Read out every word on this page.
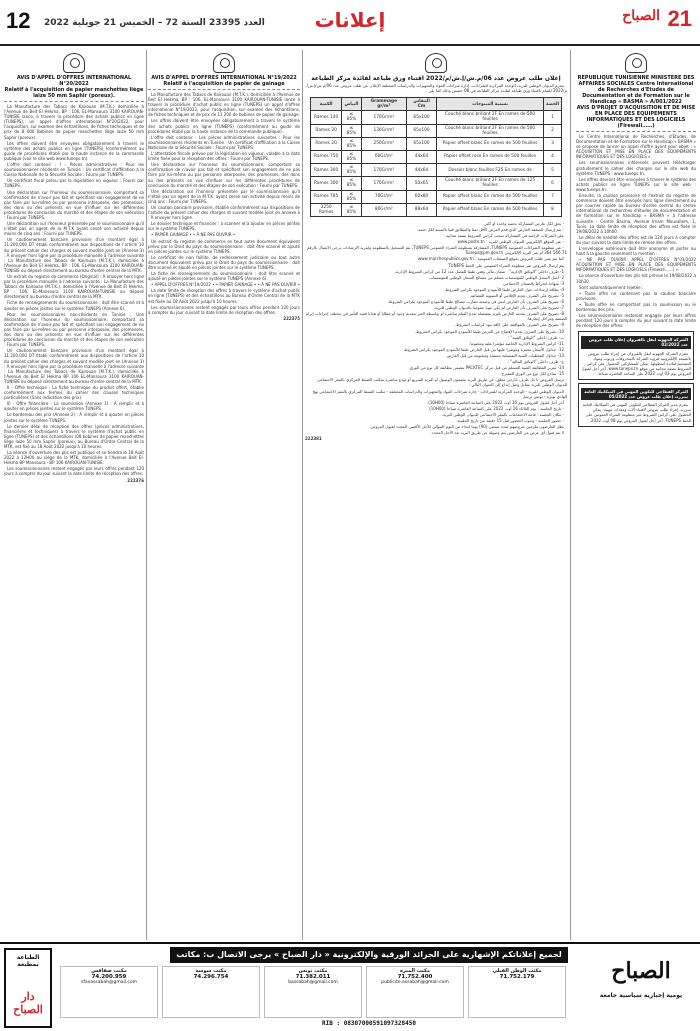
12 العدد 23395 السنة 72 – الخميس 21 جويلية 2022	إعلانات	الصباح 21
AVIS D'APPEL D'OFFRES INTERNATIONAL N°20/2022
Relatif à l'acquisition de papier manchettes liège laize 50 mm Saphir (poreux).

La Manufacture des Tabacs de Kairouan (M.T.K.) domiciliée à l'Avenue de Beit El Hekma, BP : 106, EL-Mansoura 3100 KAIROUAN-TUNISIE lance, à travers la procédure des achats publics en ligne (TUNEPS), un appel d'offres international N°20/2022, pour l'acquisition, sur examen des échantillons, de fiches techniques et de prix de 8 000 Bobines de papier manchettes liège laize 50 mm Saphir (poreux).

Les offres doivent être envoyées obligatoirement à travers le système des achats publics en ligne (TUNEPS) (conformément au guide de procédures établi par la haute instance de la commande publique (voir le site web www.tuneps.tn).

L'offre doit contenir : I - Pièces administratives : Pour les soumissionnaires résidents en Tunisie : Un certificat d'affiliation à la Caisse Nationale de la Sécurité Sociale : Fourni par TUNEPS.

Un certificat fiscal prévu par la législation en vigueur : Fourni par TUNEPS.

Une déclaration sur l'honneur du soumissionnaire, comportant sa confirmation de n'avoir pas fait et spécifiant son engagement de ne pas faire par lui-même ou par personne interposée, des promesses, des dons ou des présents en vue d'influer sur les différentes procédures de conclusion du marché et des étapes de son exécution : Fourni par TUNEPS.

Une déclaration sur l'honneur présentée par le soumissionnaire qu'il n'était pas un agent de la M.T.K ayant cessé son activité depuis moins de cinq ans : Fourni par TUNEPS.

Un cautionnement bancaire provisoire d'un montant égal à 11.200,000 DT établi conformément aux dispositions de l'article 10 du présent cahier des charges et suivant modèle joint en (Annexe 3) : À envoyer hors ligne par la procédure manuelle à l'adresse suivante : La Manufacture des Tabacs de Kairouan (M.T.K.), domiciliée à l'Avenue de Beit El Hekma, BP : 106, EL-Mansoura 3100 KAIROUAN-TUNISIE ou déposé directement au bureau d'ordre central de la MTK.

Un extrait du registre de commerce (Original) : À envoyer hors ligne par la procédure manuelle à l'adresse suivante : La Manufacture des Tabacs de Kairouan (M.T.K.), domiciliée à l'Avenue de Beit El Hekma, BP : 106, EL-Mansoura 3100 KAIROUAN-TUNISIE ou déposé directement au bureau d'ordre central de la MTK.

Fiche de renseignements du soumissionnaire : doit être scanné et à ajouter en pièces jointes sur le système TUNEPS (Annexe 6).

Pour les soumissionnaires non-résidents en Tunisie : Une déclaration sur l'honneur du soumissionnaire, comportant sa confirmation de n'avoir pas fait et spécifiant son engagement de ne pas faire par lui-même ou par personne interposée, des promesses, des dons ou des présents en vue d'influer sur les différentes procédures de conclusion du marché et des étapes de son exécution : Fourni par TUNEPS.

Un cautionnement bancaire provisoire d'un montant égal à 11.200,000 DT établi conformément aux dispositions de l'article 10 du présent cahier des charges et suivant modèle joint en (Annexe 3) : À envoyer hors ligne par la procédure manuelle à l'adresse suivante : La Manufacture des Tabacs de Kairouan (M.T.K.), domiciliée à l'Avenue de Beit El Hekma BP 106 EL-Mansoura 3100 KAIROUAN-TUNISIE ou déposé directement au bureau d'ordre central de la MTK.

II - Offre technique : La fiche technique du produit offert, établie conformément aux termes du cahier des clauses techniques particulières (Sans indication des prix).

III - Offre financière : La soumission (Annexe 1) : À remplir et à ajouter en pièces jointes sur le système TUNEPS.

Le bordereau des prix (Annexe 2) : À remplir et à ajouter en pièces jointes sur le système TUNEPS.

Le dernier délai de réception des offres (pièces administratives, financières et techniques) à travers le système d'achat public en ligne (TUNEPS) et des échantillons (08 bobines de papier manchettes liège laize 50 mm Saphir (poreux), au Bureau d'Ordre Central de la MTK, est fixé au 18 Août 2022 jusqu'à 10 heures.

La séance d'ouverture des plis est publique et se tiendra le 18 Août 2022 à 12H00 au siège de la MTK, domiciliée à l'Avenue Beit El-Hekma BP Mansoura - BP 106 KAIROUAN-TUNISIE.

Les soumissionnaires restent engagés par leurs offres pendant 120 jours à compter du jour suivant la date limite de réception des offres.

222376
AVIS D'APPEL D'OFFRES INTERNATIONAL N°19/2022
Relatif à l'acquisition de papier de gainage

La Manufacture des Tabacs de Kairouan (M.T.K.), domiciliée à l'Avenue de Beit El Hekma, BP : 106, EL-Mansoura 3100 KAIROUAN-TUNISIE lance à travers la procédure d'achat public en ligne (TUNEPS) un appel d'offres international N°19/2022, pour l'acquisition, sur examen des échantillons, de fiches techniques et de prix de 11 200 de bobines de papier de gainage.

Les offres doivent être envoyées obligatoirement à travers le système des achats publics en ligne (TUNEPS) (conformément au guide de procédures établi par la haute instance de la commande publique).

L'offre doit contenir : Les pièces administratives suivantes : Pour les soumissionnaires résidents en Tunisie : Un certificat d'affiliation à la Caisse Nationale de la Sécurité Sociale : Fourni par TUNEPS.

L'attestation fiscale prévue par la législation en vigueur, valable à la date limite fixée pour la réception des offres : Fourni par TUNEPS.

Une déclaration sur l'honneur du soumissionnaire, comportant sa confirmation de n'avoir pas fait et spécifiant son engagement de ne pas faire par lui-même ou par personne interposée, des promesses, des dons ou des présents en vue d'influer sur les différentes procédures de conclusion du marché et des étapes de son exécution : Fourni par TUNEPS.

Une déclaration sur l'honneur présentée par le soumissionnaire qu'il n'était pas un agent de la M.T.K. ayant cessé son activité depuis moins de cinq ans : Fourni par TUNEPS.

Un caution bancaire provisoire, établie conformément aux dispositions de l'article du présent cahier des charges et suivant modèle joint en annexe à : À envoyer hors ligne.

Le dossier technique et financier : à scanner et à ajouter en pièces jointes sur le système TUNEPS.

• PAPIER GAINAGE • • À NE PAS OUVRIR •

Un extrait du registre de commerce en tout autre document équivalent prévu par le Droit du pays du soumissionnaire : doit être scanné et ajouté en pièces jointes sur le système TUNEPS.

Le certificat de non faillite, de redressement judiciaire ou tout autre document équivalent prévu par le Droit du pays du soumissionnaire : doit être scanné et ajouté en pièces jointes sur le système TUNEPS.

La fiche de renseignements du soumissionnaire : doit être scanné et ajouté en pièces jointes sur le système TUNEPS (Annexe 6).

• APPEL D'OFFRES N°19/2022 • • PAPIER GAINAGE • • À NE PAS OUVRIR •

La date limite de réception des offres à travers le système d'achat public en ligne (TUNEPS) et des échantillons au Bureau d'Ordre Central de la MTK est fixée au 18 Août 2022 jusqu'à 10 heures.

Les soumissionnaires restent engagés par leurs offres pendant 120 jours à compter du jour suivant la date limite de réception des offres.

222375
إعلان طلب عروض عدد 06/م.ش/إ.ش/م/2022 اقتناء ورق طباعة لفائدة مركز الطباعة

يعتزم الديوان الوطني للبريد، الوحدة المركزية للشراءات، إدارة شراءات المواد والتجهيزات والدراسات المختلفة الإعلان عن طلب عروض عدد 06/م.ش/إ.ش/م/2022 للقيام باقتناء ورق طباعة لفائدة مركز الطباعة في 08 حصص وذلك كما يلي :

الحصة	تسمية المنتوجات	المقاس Cm	Grammage gr/m²	البياض	الكمية
1	Couché blanc brillant 2F En rames de 500 feuilles	65x100	170Gr/m²	≥ 85%	140 Rames
2	Couché blanc brillant 2F En rames de 500 feuilles	65x100	130Gr/m²	≥ 85%	20 Rames
3	Papier offset blanc En rames de 500 feuilles	65x100	250Gr/m²	≥ 85%	20 Rames
4	Papier offset rose En rames de 500 feuilles	44x64	60Gr/m²	≥ 85%	750 Rames
5	Dossier blanc feuilles F25 En rames de	44x64	170Gr/m²	≥ 85%	300 Rames
6	Couché blanc brillant 2F En rames de 125 feuilles	50x65	170Gr/m²	≥ 85%	300 Rames
7	Papier offset blanc En rames de 500 feuilles	60x80	70Gr/m²	≥ 85%	785 Rames
8	Papier offset blanc En rames de 500 feuilles	88x64	80Gr/m²	≥ 85%	3250 Rames

- يحق لكل عارض المشاركة بحصة واحدة أو أكثر.

- يتم إرسال الصفقة العارض الذي قدم العرض الأقل ثمنا والمطابق فنيا بالنسبة لكل حصة.

على الشركات الراغبة في المشاركة سحب كراس الشروط بصفة مجانية :

- عبر الموقع الإلكتروني للديوان الوطني للبريد : www.poste.tn

- عبر منظومة الشراءات العمومية TUNEPS، المشاركة بمنظومة الشراء العمومي TUNEPS، يتم التسجيل بالمنظومة ولمزيد الإرشادات يرجى الاتصال بالرقم 71 566 364 أو عبر البريد الإلكتروني Tuneps@pm.gov.tn

كما يتم نشر طلب العروض بموقع الصفقات العمومية : www.marchespublics.gov.tn

يتم إرسال العروض عبر منظومة الشراء العمومي على الخط TUNEPS

1- طرف داخلي "الوثائق الإدارية" : ضمان مالي وقتي طبقا للفصل عدد 12 من كراس الشروط الإدارية.

2- أصل السجل الوطني للمؤسسات مسلم من مصالح السجل الوطني للمؤسسات.

3- شهادة انخراط بالضمان الاجتماعي.

4- بطاقة إرشادات حول العارض طبقا للأنموذج الموجود بكراس الشروط.

5- تصريح على الشرف بعدم الإفلاس أو التسوية القضائية.

6- تصريح على الشرف بأن العارض ليس في وضعية تضارب مصالح طبقا للأنموذج الموجود بكراس الشروط.

7- تصريح على الشرف بأن العارض لم يكن عونا عموميا بالديوان الوطني للبريد.

8- تصريح على الشرف يقدمه العارض يلتزم بمقتضاه بعدم القيام مباشرة أو بواسطة الغير بتقديم وعود أو عطايا أو هدايا قصد التأثير في مختلف إجراءات إبرام الصفقة ومراحل إنجازها.

9- تصريح على الشرف بالموافقة على كافة بنود كراسات الشروط.

10- تصريح على الشرف بعدم الإفصاح عن العرض طبقا للأنموذج الموجود بكراس الشروط.

ب- ظرف داخلي "الوثائق الفنية" :

11- كراس الشروط الإدارية الخاصة مؤشرا عليه ومختوما.

12- جداول الأسعار معمرة ومؤشرا عليها من قبل العارض طبقا للأنموذج الموجود بكراس الشروط.

13- جداول المعطيات الفنية التفصيلية ممضاة ومختومة من قبل العارض.

ج- ظرف داخلي "الوثائق المالية" :

14- تقرير المطابقة الفنية المسلم من قبل مركز PACKTEC يتضمن مطابقة كل نوع من الورق.

15- نماذج لكل نوع من الورق المقترح.

ترسل العروض داخل ظرف خارجي مغلق، عن طريق البريد مضمون الوصول أو البريد السريع أو تودع مباشرة بمكتب الضبط المركزي بالمقر الاجتماعي للديوان الوطني للبريد مقابل وصل إيداع إلى العنوان التالي :

الديوان الوطني للبريد - الوحدة المركزية للشراءات - إدارة شراءات المواد والتجهيزات والدراسات المختلفة - مكتب الضبط المركزي بالمقر الاجتماعي نهج الهادي نويرة - تونس ترسل

آخر أجل لقبول العروض يوم 16 أوت 2022 على الساعة العاشرة صباحا (10H00).

- تاريخ الجلسة : يوم الثلاثاء 16 أوت 2022 على الساعة العاشرة صباحا (10H00).

- مكان الجلسة : قاعة الاجتماعات بالمقر الاجتماعي للديوان الوطني للبريد.

- حضور الجلسة : وجوب الحضور قبل 15 دقيقة من تاريخ الجلسة.

يظل العارضون ملزمين بعروضهم لمدة تسعين (90) يوما ابتداء من اليوم الموالي للأجل الأقصى المحدد لقبول العروض.

لا يتم قبول أي عرض من العارضين يتم وصوله عن طريق البريد بعد الأجل المحدد.

222381
REPUBLIQUE TUNISIENNE MINISTERE DES AFFAIRES SOCIALES Centre International de Recherches d'Etudes de Documentation et de Formation sur le Handicap « BASMA » A/001/2022
AVIS D'PROJET D'ACQUISITION ET DE MISE EN PLACE DES EQUIPEMENTS INFORMATIQUES ET DES LOGICIELS (Firewall……)

Le Centre International de Recherches, d'Etudes, de Documentation et de Formation sur le Handicap « BASMA » se propose de lancer un appel d'offre ayant pour objet : « ACQUISITION ET MISE EN PLACE DES EQUIPEMENTS INFORMATIQUES ET DES LOGICIELS ».

Les soumissionnaires intéressés peuvent télécharger gratuitement le cahier des charges sur le site web du système TUNEPS : www.tuneps.tn.

Les offres devront être envoyées à travers le système des achats publics en ligne TUNEPS sur le site web : www.tuneps.tn.

Ensuite, la caution provisoire et l'extrait du registre de commerce doivent être envoyés hors ligne directement ou par courrier rapide au bureau d'ordre central du centre international de recherches d'études de documentation et de formation sur le handicap « BASMA » à l'adresse suivante : Centre Basma, Avenue Imam Mousallem, 1, Tunis. La date limite de réception des offres est fixée le 19/08/2022 à 10h00.

Le délai de validité des offres est de 120 jours à compter du jour suivant la date limite de remise des offres.

L'enveloppe extérieure doit être anonyme et porter au haut à la gauche seulement la mention :

« NE PAS OUVRIR APPEL D'OFFRES N°03/2022 ACQUISITION ET MISE EN PLACE DES EQUIPEMENTS INFORMATIQUES ET DES LOGICIELS (Firewall……) ».

La séance d'ouverture des plis est prévue le 19/08/2022 à 10h30.

Sont automatiquement rejetée :

• Toute offre ne contenant pas la caution bancaire provisoire.

• Toute offre ne comportant pas la soumission ou le bordereau des prix.

Les soumissionnaires resteront engagés par leurs offres pendant 120 jours à compter du jour suivant la date limite de réception des offres.

الشركة الجهوية لنقل بالقيروان إعلان طلب عروض عدد 02/2022

تعتزم الشركة الجهوية لنقل بالقيروان عن إجراء طلب عروض بالصيغة الإلكترونية لتزويد الشركة بالمحروقات وزيوت ومواد التشحيم لفائدة أسطولها. يمكن للمشاركين الحصول على كراس الشروط بصفة مجانية من موقع www.tuneps.tn. آخر أجل لقبول العروض يوم 03 أوت 2022 على الساعة العاشرة صباحا.

المركز القطاعي للتكوين المهني في الميكانيك العامة ببنزرت إعلان طلب عروض عدد 05/2022

يعتزم مدير المركز القطاعي للتكوين المهني في الميكانيك العامة ببنزرت إجراء طلب عروض لاقتناء آلات ومعدات مهنية. يمكن الحصول على كراس الشروط عبر منظومة الشراء العمومي على الخط TUNEPS. آخر أجل لقبول العروض يوم 08 أوت 2022.

الطباعة بمطبعة
دار الصباح
لجميع إعلاناتكم الإشهارية على الجرائد الورقية والإلكترونية « دار الصباح » يرجى الاتصال ب: مكاتب الإشهار
مكتب صفاقس
74.200.959
sfaxassabah@gmail.com
مكتب سوسة
74.296.754
مكتب تونس
71.382.011
bassabah@gmail.com
مكتب المنزه
71.752.400
publicite.assabah@gmail.com
مكتب الوطن القبلي
71.752.179
RIB : 08307000591097328450
الصباح
يومية إخبارية سياسية جامعة
